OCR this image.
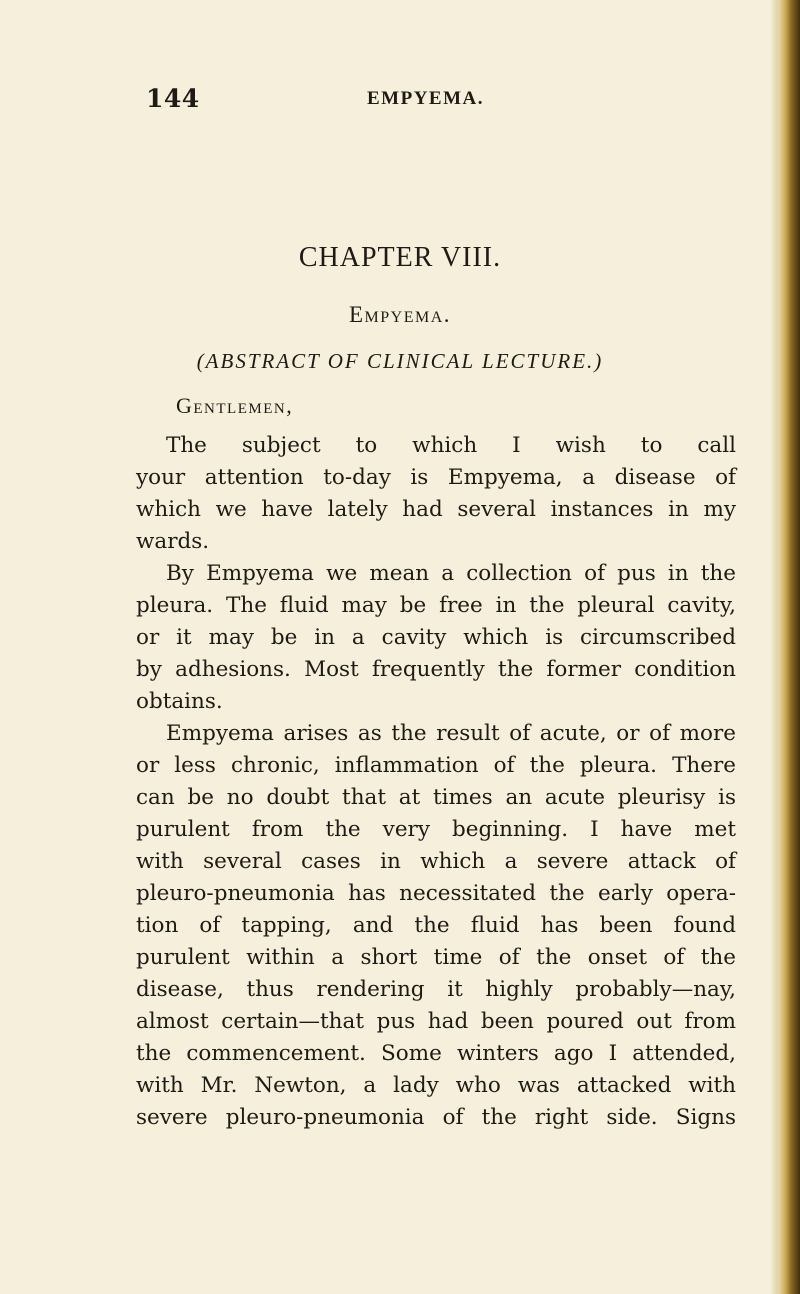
144	EMPYEMA.
CHAPTER VIII.
Empyema.
(ABSTRACT OF CLINICAL LECTURE.)
Gentlemen,
The subject to which I wish to call
your attention to-day is Empyema, a disease of
which we have lately had several instances in my
wards.
By Empyema we mean a collection of pus in the
pleura. The fluid may be free in the pleural cavity,
or it may be in a cavity which is circumscribed
by adhesions. Most frequently the former condition
obtains.
Empyema arises as the result of acute, or of more
or less chronic, inflammation of the pleura. There
can be no doubt that at times an acute pleurisy is
purulent from the very beginning. I have met
with several cases in which a severe attack of
pleuro-pneumonia has necessitated the early opera-
tion of tapping, and the fluid has been found
purulent within a short time of the onset of the
disease, thus rendering it highly probably—nay,
almost certain—that pus had been poured out from
the commencement. Some winters ago I attended,
with Mr. Newton, a lady who was attacked with
severe pleuro-pneumonia of the right side. Signs
